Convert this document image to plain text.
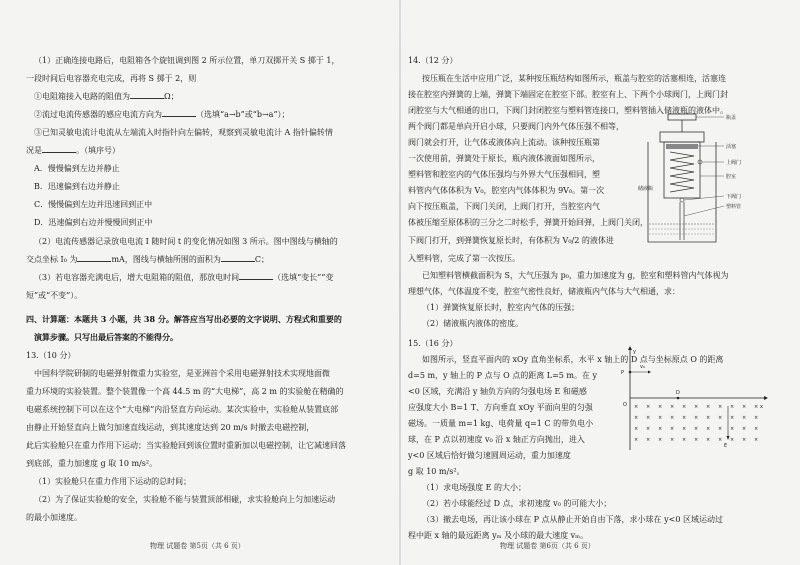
（1）正确连接电路后，电阻箱各个旋钮调到图 2 所示位置，单刀双掷开关 S 掷于 1，

一段时间后电容器充电完成，再将 S 掷于 2，则

①电阻箱接入电路的阻值为	Ω；

②流过电流传感器的感应电流方向为	（选填“a→b”或“b→a”）；

③已知灵敏电流计电流从左端流入时指针向左偏转，观察到灵敏电流计 A 指针偏转情

况是	。（填序号）

A．慢慢偏到左边并静止

B．迅速偏到右边并静止

C．慢慢偏到左边并迅速回到正中

D．迅速偏到右边并慢慢回到正中

（2）电流传感器记录放电电流 I 随时间 t 的变化情况如图 3 所示。图中图线与横轴的

交点坐标 I₀ 为	mA，图线与横轴所围的面积为	C；

（3）若电容器充满电后，增大电阻箱的阻值，那放电时间	（选填“变长”“变

短”或“不变”）。

四、计算题：本题共 3 小题，共 38 分。解答应当写出必要的文字说明、方程式和重要的

演算步骤。只写出最后答案的不能得分。

13.（10 分）

中国科学院研制的电磁弹射微重力实验室，是亚洲首个采用电磁弹射技术实现地面微

重力环境的实验装置。整个装置像一个高 44.5 m 的“大电梯”，高 2 m 的实验舱在精确的

电磁系统控制下可以在这个“大电梯”内沿竖直方向运动。某次实验中，实验舱从装置底部

由静止开始竖直向上做匀加速直线运动，到其速度达到 20 m/s 时撤去电磁控制，

此后实验舱只在重力作用下运动；当实验舱回到该位置时重新加以电磁控制，让它减速回落

到底部，重力加速度 g 取 10 m/s²。

（1）实验舱只在重力作用下运动的总时间；

（2）为了保证实验舱的安全，实验舱不能与装置顶部相碰，求实验舱向上匀加速运动

的最小加速度。

物理 试题卷 第5页（共 6 页）

14.（12 分）

按压瓶在生活中应用广泛，某种按压瓶结构如图所示，瓶盖与腔室的活塞相连，活塞连

接在腔室内弹簧的上端，弹簧下端固定在腔室下部。腔室有上、下两个小球阀门，上阀门封

闭腔室与大气相通的出口，下阀门封闭腔室与塑料管连接口，塑料管插入储液瓶的液体中。

两个阀门都是单向开启小球，只要阀门内外气体压强不相等，

阀门就会打开，让气体或液体向上流动。该种按压瓶第

一次使用前，弹簧处于原长，瓶内液体液面如图所示，

塑料管和腔室内的气体压强均与外界大气压强相同，塑

料管内气体体积为 V₀，腔室内气体体积为 9V₀。第一次

向下按压瓶盖，下阀门关闭，上阀门打开，当腔室内气

体被压缩至原体积的三分之二时松手，弹簧开始回弹，上阀门关闭，

下阀门打开，到弹簧恢复原长时，有体积为 V₀/2 的液体进

入塑料管，完成了第一次按压。

已知塑料管横截面积为 S，大气压强为 p₀，重力加速度为 g，腔室和塑料管内气体视为

理想气体，气体温度不变，腔室气密性良好，储液瓶内气体与大气相通，求：

（1）弹簧恢复原长时，腔室内气体的压强；

（2）储液瓶内液体的密度。

瓶盖
活塞
上阀门
腔室
下阀门
塑料管
储液瓶

15.（16 分）

如图所示，竖直平面内的 xOy 直角坐标系，水平 x 轴上的 D 点与坐标原点 O 的距离

d=5 m，y 轴上的 P 点与 O 点的距离 L=5 m。在 y

<0 区域，充满沿 y 轴负方向的匀强电场 E 和磁感

应强度大小 B=1 T、方向垂直 xOy 平面向里的匀强

磁场。一质量 m=1 kg、电荷量 q=1 C 的带负电小

球，在 P 点以初速度 v₀ 沿 x 轴正方向抛出，进入

y<0 区域后恰好做匀速圆周运动，重力加速度

g 取 10 m/s²。

（1）求电场强度 E 的大小；

（2）若小球能经过 D 点，求初速度 v₀ 的可能大小；

（3）撤去电场，再让该小球在 P 点从静止开始自由下落，求小球在 y<0 区域运动过

程中距 x 轴的最远距离 yₘ 及小球的最大速度 vₘ。

y
x
O
P
v₀
D
E
× × × × × × × × × × ×
× × × × × × × × × × ×
× × × × × × × × × × ×
× × × × × × × × × × ×

物理 试题卷 第6页（共 6 页）
